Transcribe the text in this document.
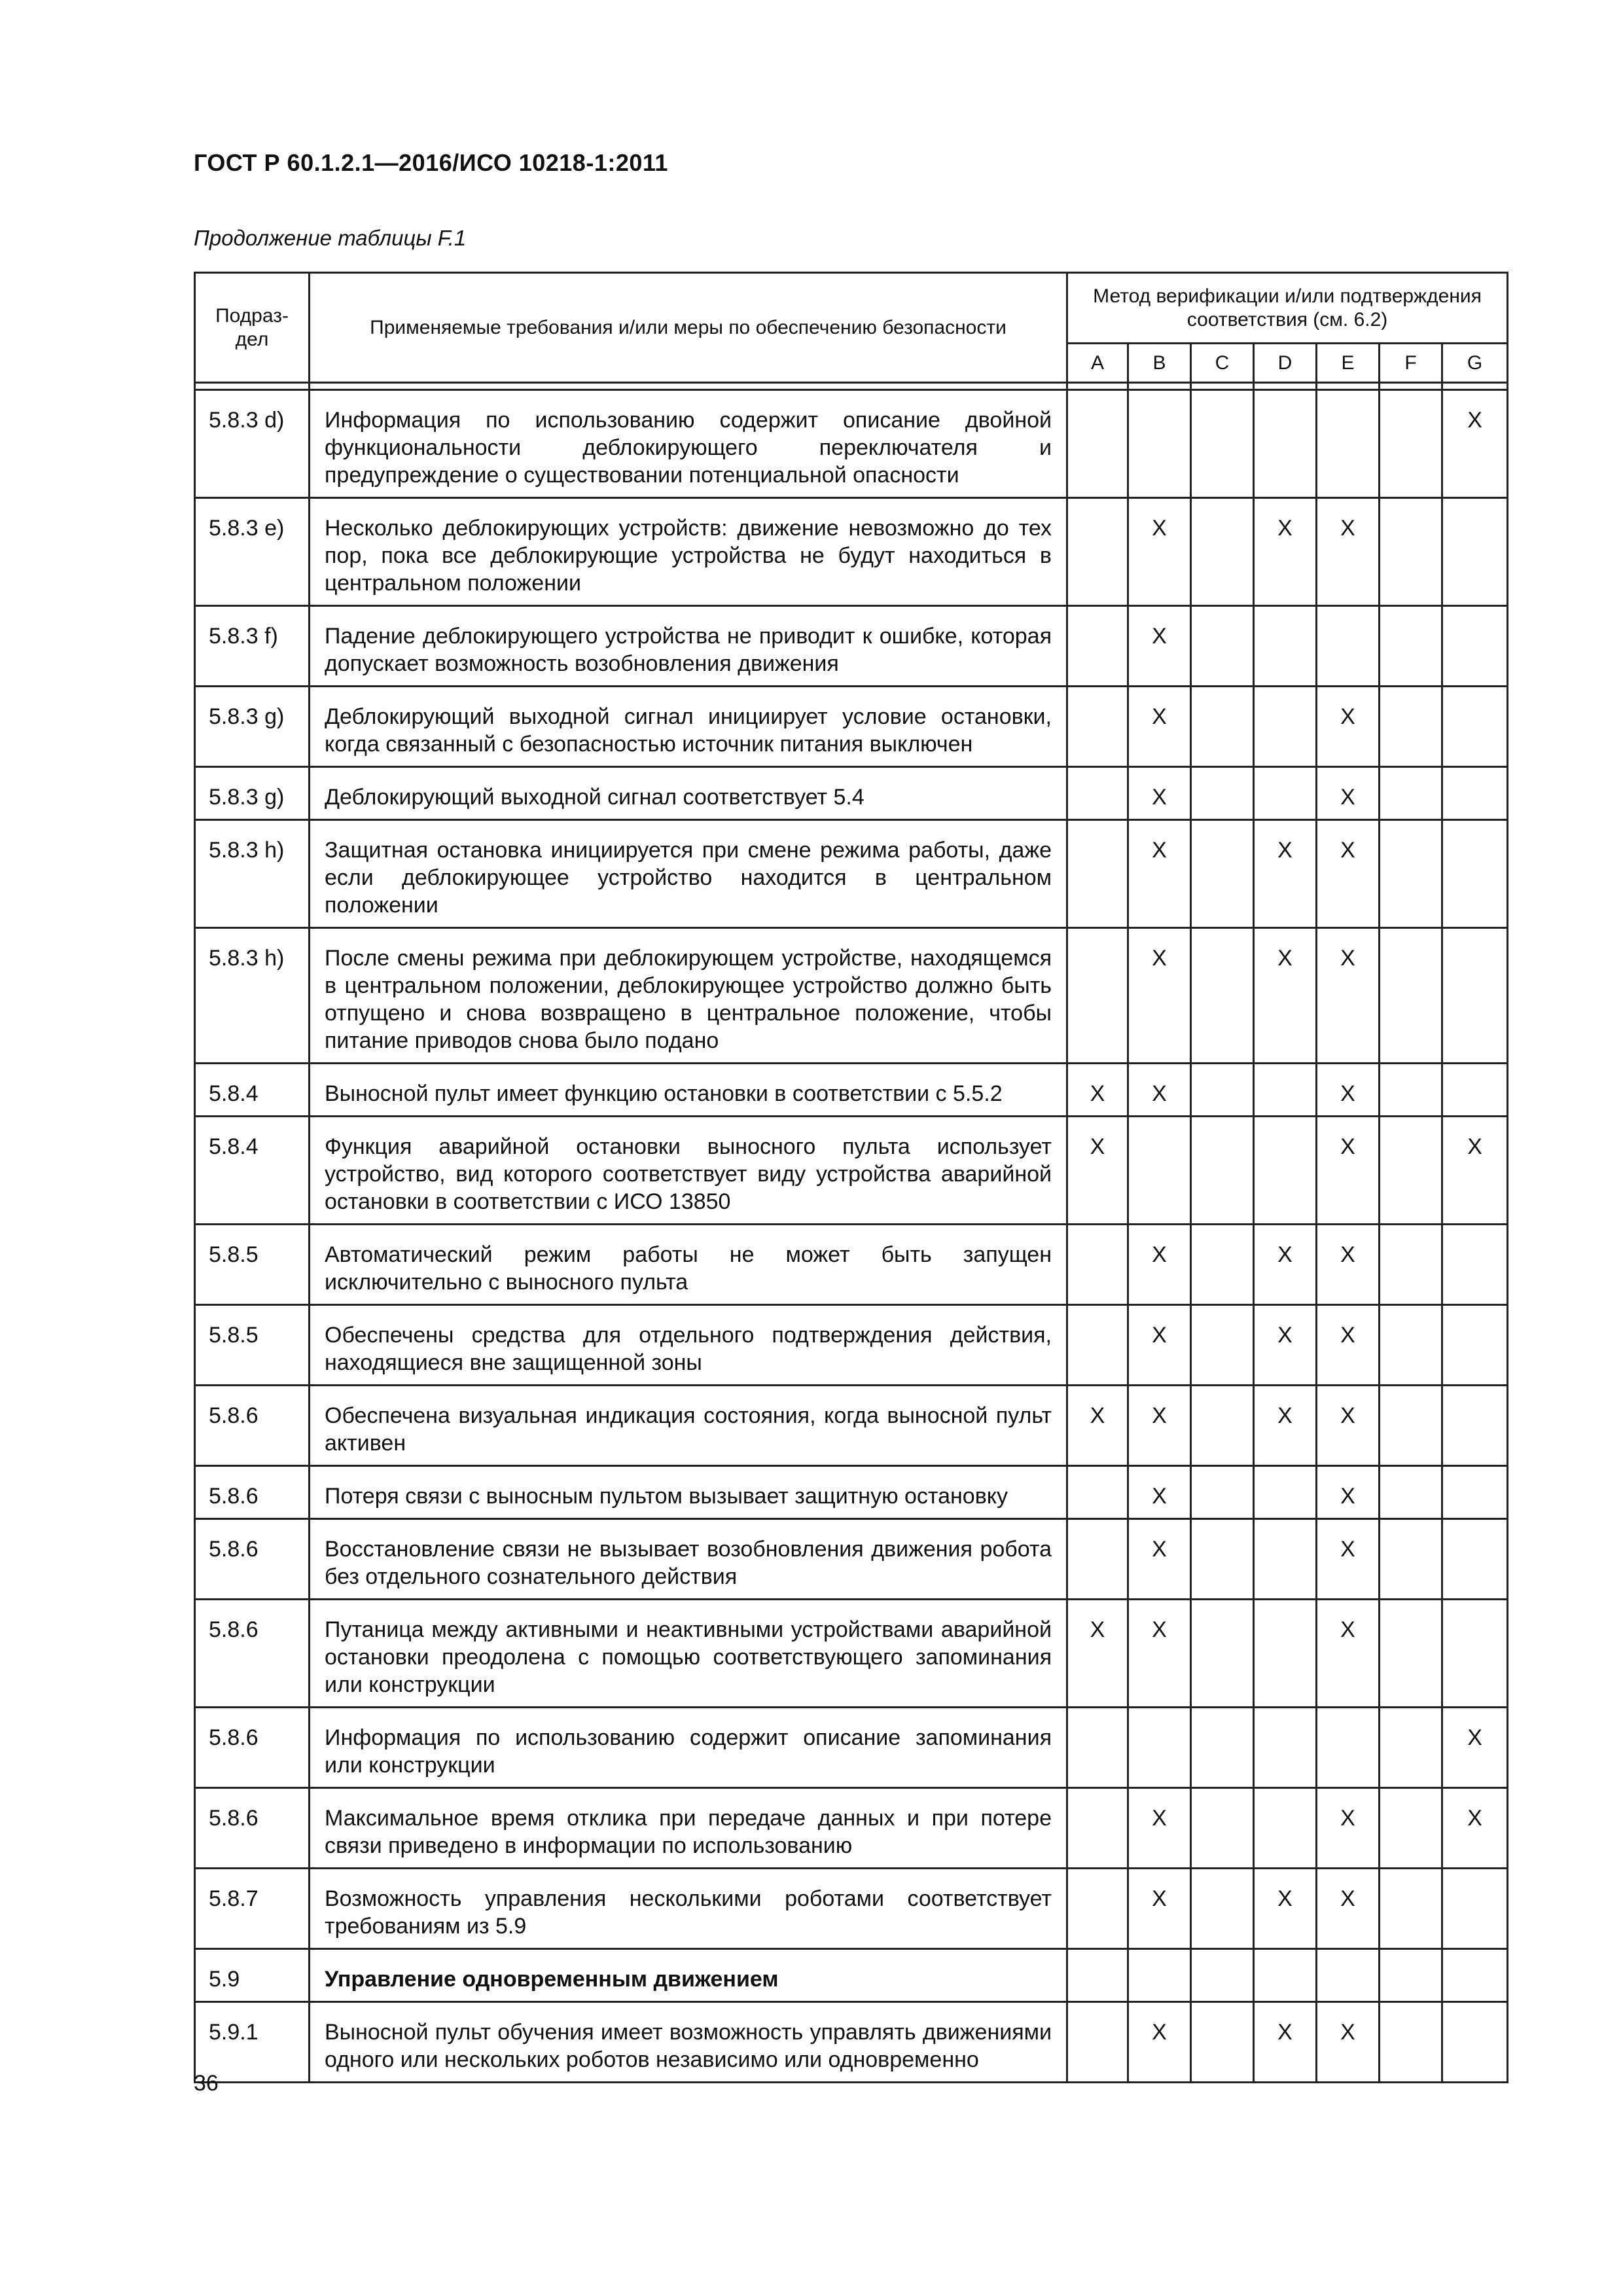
ГОСТ Р 60.1.2.1—2016/ИСО 10218-1:2011
Продолжение таблицы F.1
Подраз-дел	Применяемые требования и/или меры по обеспечению безопасности	Метод верификации и/или подтверждения соответствия (см. 6.2)						
		A	B	C	D	E	F	G

5.8.3 d)	Информация по использованию содержит описание двойной функциональности деблокирующего переключателя и предупреждение о существовании потенциальной опасности							X
5.8.3 e)	Несколько деблокирующих устройств: движение невозможно до тех пор, пока все деблокирующие устройства не будут находиться в центральном положении		X		X	X		
5.8.3 f)	Падение деблокирующего устройства не приводит к ошибке, которая допускает возможность возобновления движения		X					
5.8.3 g)	Деблокирующий выходной сигнал инициирует условие остановки, когда связанный с безопасностью источник питания выключен		X			X		
5.8.3 g)	Деблокирующий выходной сигнал соответствует 5.4		X			X		
5.8.3 h)	Защитная остановка инициируется при смене режима работы, даже если деблокирующее устройство находится в центральном положении		X		X	X		
5.8.3 h)	После смены режима при деблокирующем устройстве, находящемся в центральном положении, деблокирующее устройство должно быть отпущено и снова возвращено в центральное положение, чтобы питание приводов снова было подано		X		X	X		
5.8.4	Выносной пульт имеет функцию остановки в соответствии с 5.5.2	X	X			X		
5.8.4	Функция аварийной остановки выносного пульта использует устройство, вид которого соответствует виду устройства аварийной остановки в соответствии с ИСО 13850	X				X		X
5.8.5	Автоматический режим работы не может быть запущен исключительно с выносного пульта		X		X	X		
5.8.5	Обеспечены средства для отдельного подтверждения действия, находящиеся вне защищенной зоны		X		X	X		
5.8.6	Обеспечена визуальная индикация состояния, когда выносной пульт активен	X	X		X	X		
5.8.6	Потеря связи с выносным пультом вызывает защитную остановку		X			X		
5.8.6	Восстановление связи не вызывает возобновления движения робота без отдельного сознательного действия		X			X		
5.8.6	Путаница между активными и неактивными устройствами аварийной остановки преодолена с помощью соответствующего запоминания или конструкции	X	X			X		
5.8.6	Информация по использованию содержит описание запоминания или конструкции							X
5.8.6	Максимальное время отклика при передаче данных и при потере связи приведено в информации по использованию		X			X		X
5.8.7	Возможность управления несколькими роботами соответствует требованиям из 5.9		X		X	X		
5.9	Управление одновременным движением							
5.9.1	Выносной пульт обучения имеет возможность управлять движениями одного или нескольких роботов независимо или одновременно		X		X	X		
36
